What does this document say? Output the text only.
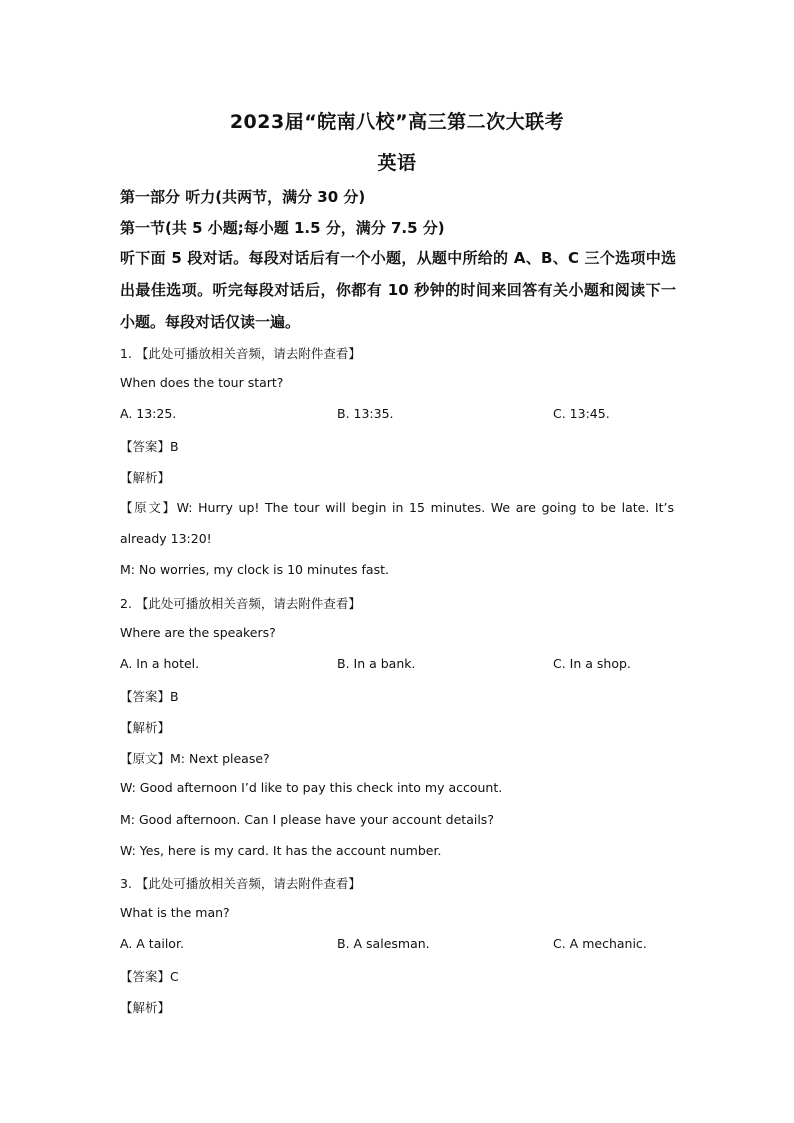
2023届“皖南八校”高三第二次大联考
英语
第一部分 听力(共两节，满分 30 分)
第一节(共 5 小题;每小题 1.5 分，满分 7.5 分)

听下面 5 段对话。每段对话后有一个小题，从题中所给的 A、B、C 三个选项中选出最佳选项。听完每段对话后，你都有 10 秒钟的时间来回答有关小题和阅读下一小题。每段对话仅读一遍。

1. 【此处可播放相关音频，请去附件查看】
When does the tour start?
A. 13:25.	B. 13:35.	C. 13:45.
【答案】B
【解析】
【原文】W: Hurry up! The tour will begin in 15 minutes. We are going to be late. It’s already 13:20!
M: No worries, my clock is 10 minutes fast.
2. 【此处可播放相关音频，请去附件查看】
Where are the speakers?
A. In a hotel.	B. In a bank.	C. In a shop.
【答案】B
【解析】
【原文】M: Next please?
W: Good afternoon I’d like to pay this check into my account.
M: Good afternoon. Can I please have your account details?
W: Yes, here is my card. It has the account number.
3. 【此处可播放相关音频，请去附件查看】
What is the man?
A. A tailor.	B. A salesman.	C. A mechanic.
【答案】C
【解析】
